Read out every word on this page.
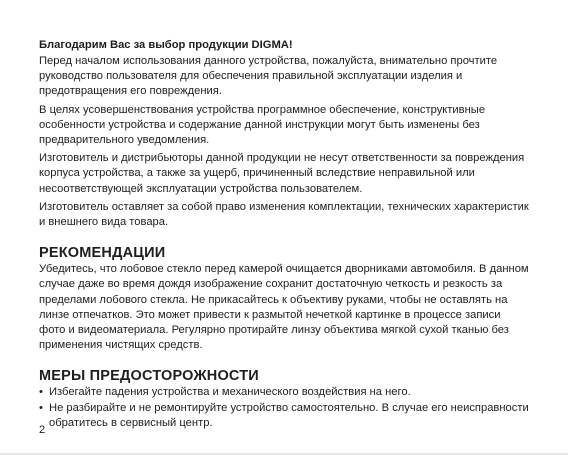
Благодарим Вас за выбор продукции DIGMA!

Перед началом использования данного устройства, пожалуйста, внимательно прочтите руководство пользователя для обеспечения правильной эксплуатации изделия и предотвращения его повреждения.

В целях усовершенствования устройства программное обеспечение, конструктивные особенности устройства и содержание данной инструкции могут быть изменены без предварительного уведомления.

Изготовитель и дистрибьюторы данной продукции не несут ответственности за повреждения корпуса устройства, а также за ущерб, причиненный вследствие неправильной или несоответствующей эксплуатации устройства пользователем.

Изготовитель оставляет за собой право изменения комплектации, технических характеристик и внешнего вида товара.

РЕКОМЕНДАЦИИ

Убедитесь, что лобовое стекло перед камерой очищается дворниками автомобиля. В данном случае даже во время дождя изображение сохранит достаточную четкость и резкость за пределами лобового стекла. Не прикасайтесь к объективу руками, чтобы не оставлять на линзе отпечатков. Это может привести к размытой нечеткой картинке в процессе записи фото и видеоматериала. Регулярно протирайте линзу объектива мягкой сухой тканью без применения чистящих средств.

МЕРЫ ПРЕДОСТОРОЖНОСТИ
• Избегайте падения устройства и механического воздействия на него.
• Не разбирайте и не ремонтируйте устройство самостоятельно. В случае его неисправности обратитесь в сервисный центр.
2
